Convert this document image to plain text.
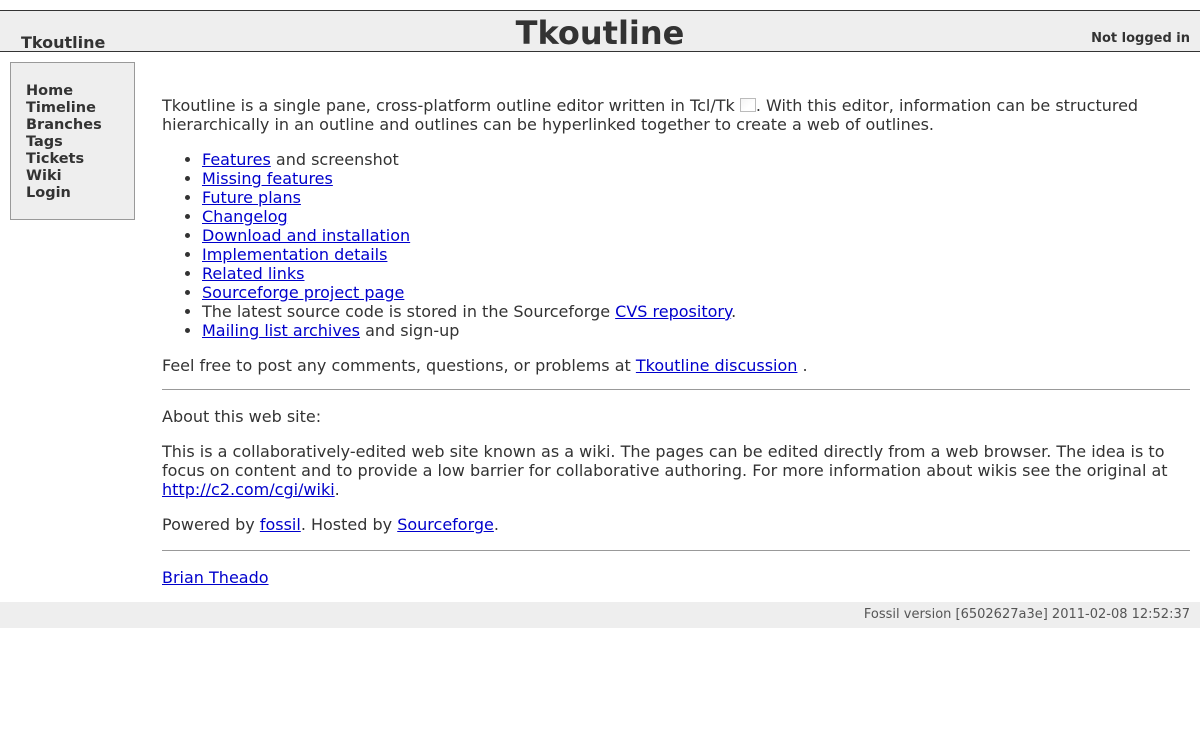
Tkoutline	Tkoutline	Not logged in
Home
Timeline
Branches
Tags
Tickets
Wiki
Login

Tkoutline is a single pane, cross-platform outline editor written in Tcl/Tk . With this editor, information can be structured hierarchically in an outline and outlines can be hyperlinked together to create a web of outlines.

• Features and screenshot
• Missing features
• Future plans
• Changelog
• Download and installation
• Implementation details
• Related links
• Sourceforge project page
• The latest source code is stored in the Sourceforge CVS repository.
• Mailing list archives and sign-up

Feel free to post any comments, questions, or problems at Tkoutline discussion .

About this web site:

This is a collaboratively-edited web site known as a wiki. The pages can be edited directly from a web browser. The idea is to focus on content and to provide a low barrier for collaborative authoring. For more information about wikis see the original at http://c2.com/cgi/wiki.

Powered by fossil. Hosted by Sourceforge.

Brian Theado

Fossil version [6502627a3e] 2011-02-08 12:52:37
